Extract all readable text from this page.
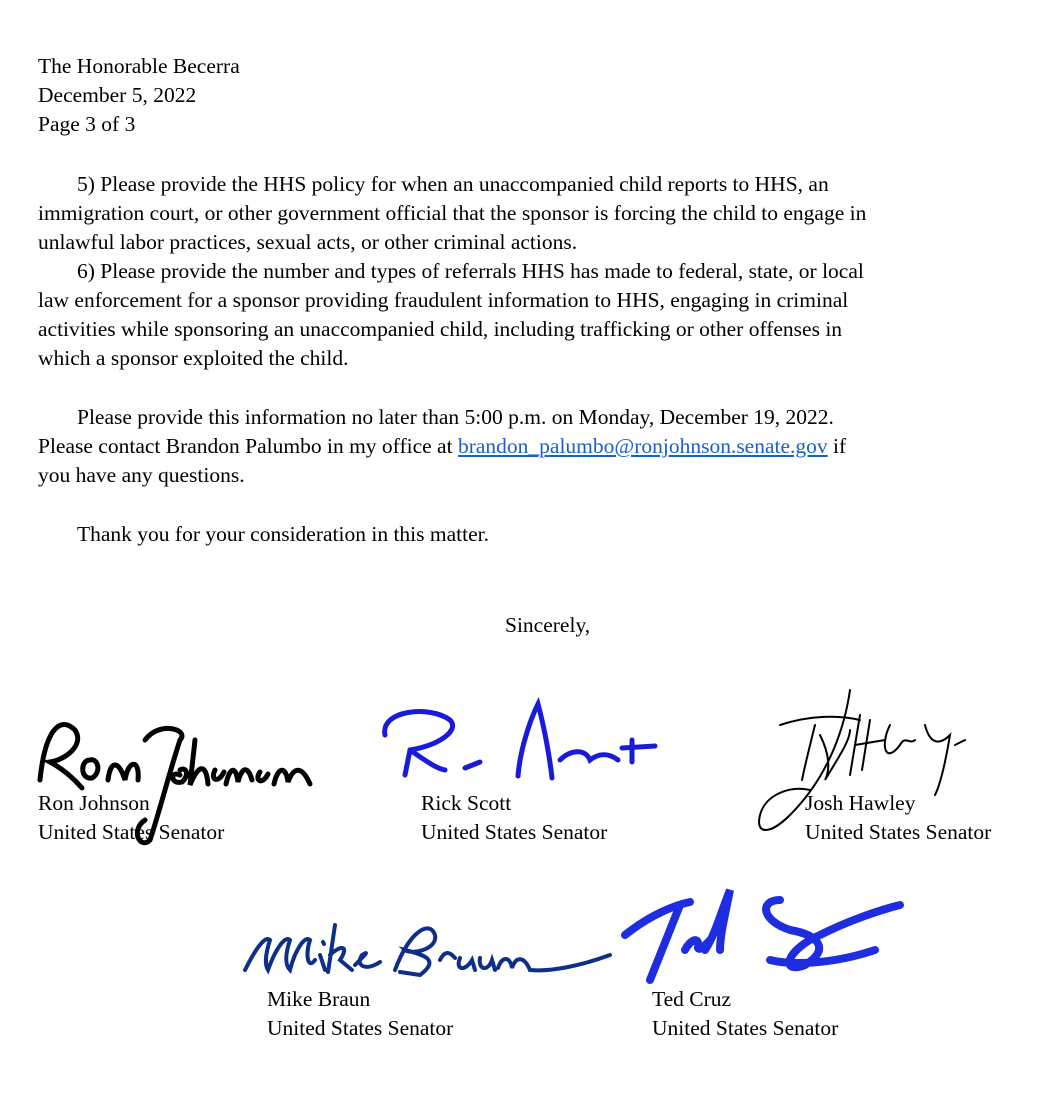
The Honorable Becerra
December 5, 2022
Page 3 of 3
5) Please provide the HHS policy for when an unaccompanied child reports to HHS, an
immigration court, or other government official that the sponsor is forcing the child to engage in
unlawful labor practices, sexual acts, or other criminal actions.
6) Please provide the number and types of referrals HHS has made to federal, state, or local
law enforcement for a sponsor providing fraudulent information to HHS, engaging in criminal
activities while sponsoring an unaccompanied child, including trafficking or other offenses in
which a sponsor exploited the child.
Please provide this information no later than 5:00 p.m. on Monday, December 19, 2022.
Please contact Brandon Palumbo in my office at brandon_palumbo@ronjohnson.senate.gov if
you have any questions.
Thank you for your consideration in this matter.
Sincerely,
Ron Johnson
United States Senator
Rick Scott
United States Senator
Josh Hawley
United States Senator
Mike Braun
United States Senator
Ted Cruz
United States Senator
